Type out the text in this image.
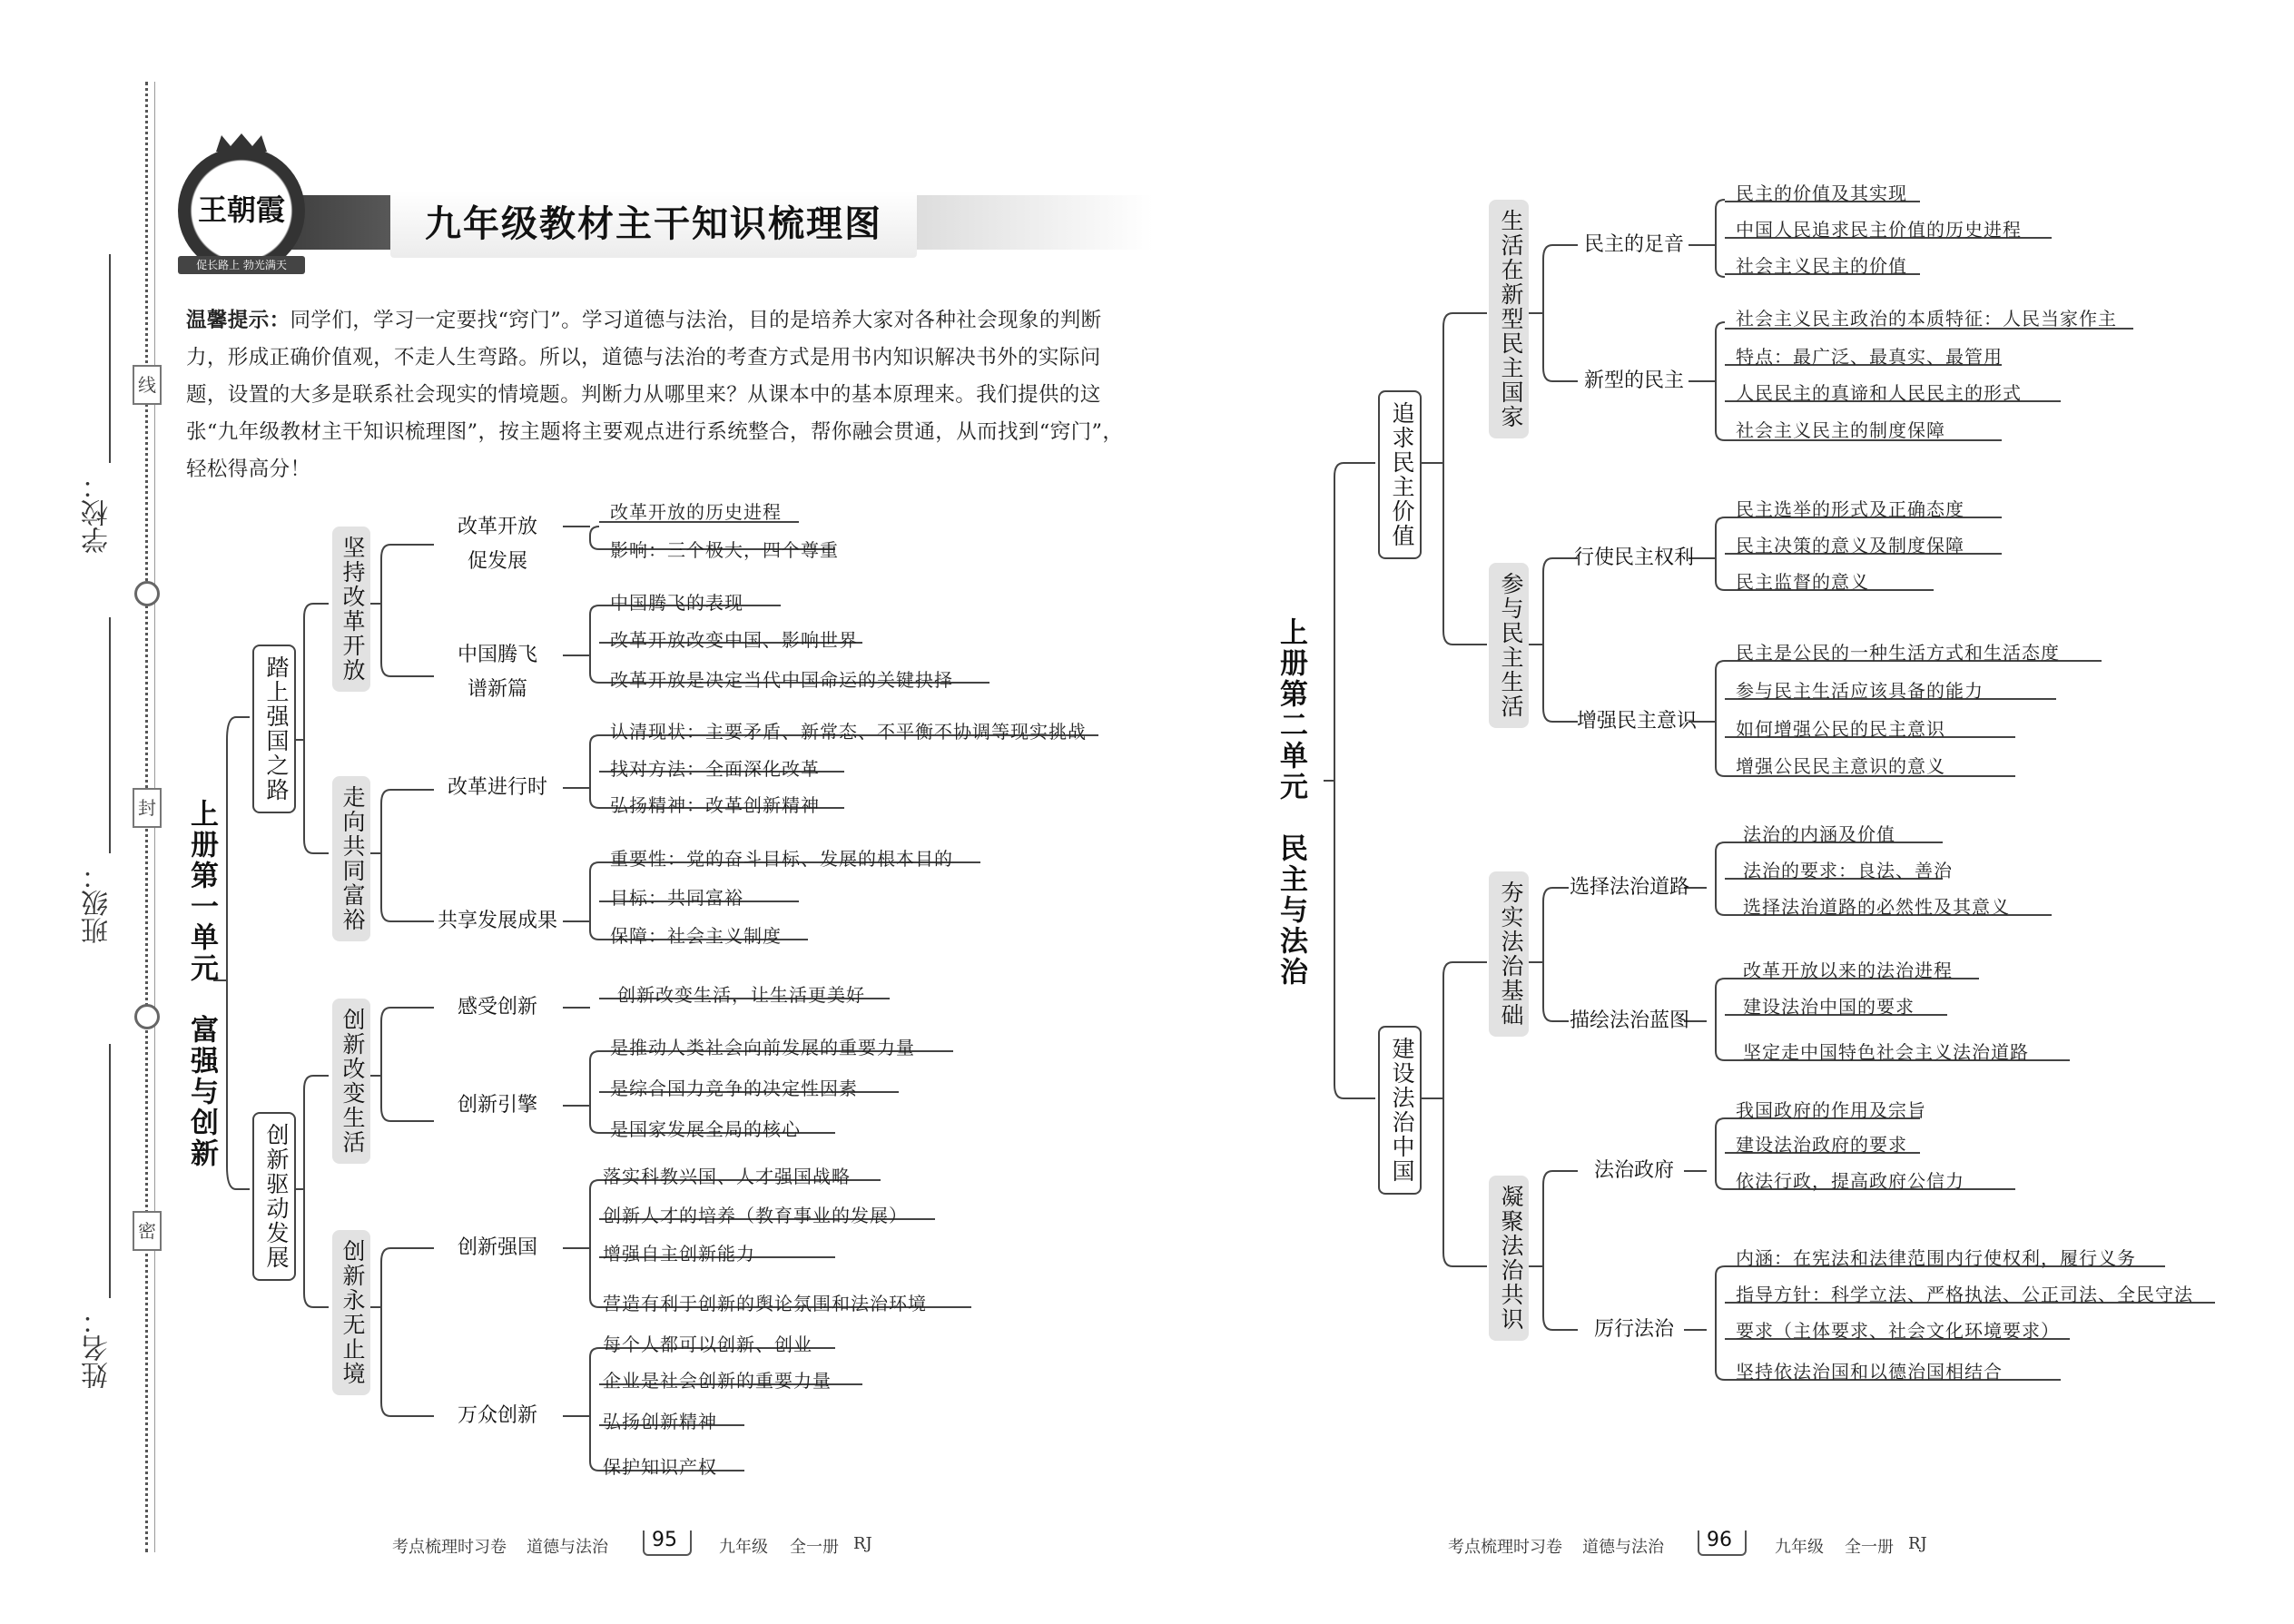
学校：
班级：
姓名：
线
封
密
九年级教材主干知识梳理图
王朝霞
促长路上 勃光满天
温馨提示：同学们，学习一定要找“窍门”。学习道德与法治，目的是培养大家对各种社会现象的判断力，形成正确价值观，不走人生弯路。所以，道德与法治的考查方式是用书内知识解决书外的实际问题，设置的大多是联系社会现实的情境题。判断力从哪里来？从课本中的基本原理来。我们提供的这张“九年级教材主干知识梳理图”，按主题将主要观点进行系统整合，帮你融会贯通，从而找到“窍门”，轻松得高分！
上册第一单元　富强与创新
踏上强国之路
创新驱动发展
坚持改革开放
走向共同富裕
创新改变生活
创新永无止境
改革开放
促发展
中国腾飞
谱新篇
改革进行时
共享发展成果
感受创新
创新引擎
创新强国
万众创新
改革开放的历史进程
影响：三个极大，四个尊重
中国腾飞的表现
改革开放改变中国、影响世界
改革开放是决定当代中国命运的关键抉择
认清现状：主要矛盾、新常态、不平衡不协调等现实挑战
找对方法：全面深化改革
弘扬精神：改革创新精神
重要性：党的奋斗目标、发展的根本目的
目标：共同富裕
保障：社会主义制度
创新改变生活，让生活更美好
是推动人类社会向前发展的重要力量
是综合国力竞争的决定性因素
是国家发展全局的核心
落实科教兴国、人才强国战略
创新人才的培养（教育事业的发展）
增强自主创新能力
营造有利于创新的舆论氛围和法治环境
每个人都可以创新、创业
企业是社会创新的重要力量
弘扬创新精神
保护知识产权
上册第二单元　民主与法治
追求民主价值
建设法治中国
生活在新型民主国家
参与民主生活
夯实法治基础
凝聚法治共识
民主的足音
新型的民主
行使民主权利
增强民主意识
选择法治道路
描绘法治蓝图
法治政府
厉行法治
民主的价值及其实现
中国人民追求民主价值的历史进程
社会主义民主的价值
社会主义民主政治的本质特征：人民当家作主
特点：最广泛、最真实、最管用
人民民主的真谛和人民民主的形式
社会主义民主的制度保障
民主选举的形式及正确态度
民主决策的意义及制度保障
民主监督的意义
民主是公民的一种生活方式和生活态度
参与民主生活应该具备的能力
如何增强公民的民主意识
增强公民民主意识的意义
法治的内涵及价值
法治的要求：良法、善治
选择法治道路的必然性及其意义
改革开放以来的法治进程
建设法治中国的要求
坚定走中国特色社会主义法治道路
我国政府的作用及宗旨
建设法治政府的要求
依法行政，提高政府公信力
内涵：在宪法和法律范围内行使权利，履行义务
指导方针：科学立法、严格执法、公正司法、全民守法
要求（主体要求、社会文化环境要求）
坚持依法治国和以德治国相结合
考点梳理时习卷 道德与法治 95	九年级 全一册 RJ	考点梳理时习卷 道德与法治 96	九年级 全一册 RJ
